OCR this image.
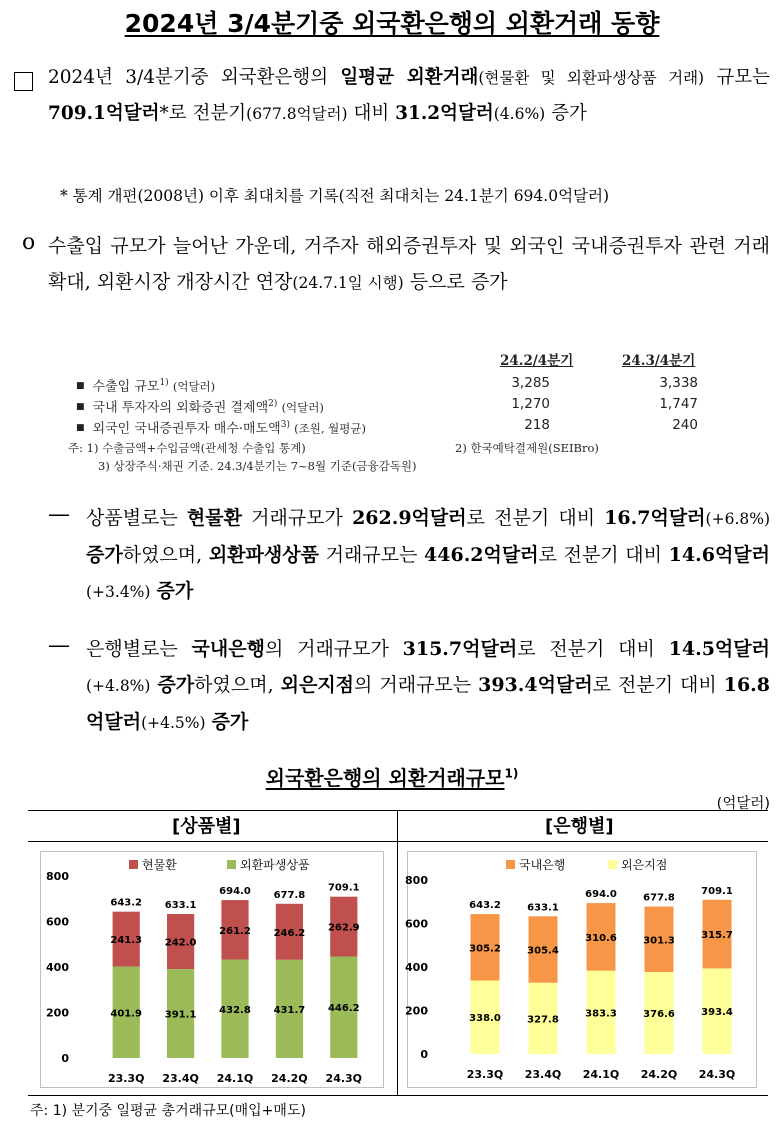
2024년 3/4분기중 외국환은행의 외환거래 동향
2024년 3/4분기중 외국환은행의 일평균 외환거래(현물환 및 외환파생상품 거래) 규모는 709.1억달러*로 전분기(677.8억달러) 대비 31.2억달러(4.6%) 증가
* 통계 개편(2008년) 이후 최대치를 기록(직전 최대치는 24.1분기 694.0억달러)
o 수출입 규모가 늘어난 가운데, 거주자 해외증권투자 및 외국인 국내증권투자 관련 거래 확대, 외환시장 개장시간 연장(24.7.1일 시행) 등으로 증가
24.2/4분기	24.3/4분기
■ 수출입 규모$^{1)}$ (억달러)	3,285	3,338
■ 국내 투자자의 외화증권 결제액$^{2)}$ (억달러)	1,270	1,747
■ 외국인 국내증권투자 매수·매도액$^{3)}$ (조원, 월평균)	218	240
주: 1) 수출금액+수입금액(관세청 수출입 통계)	2) 한국예탁결제원(SEIBro)
3) 상장주식·채권 기준. 24.3/4분기는 7~8월 기준(금융감독원)
— 상품별로는 현물환 거래규모가 262.9억달러로 전분기 대비 16.7억달러(+6.8%) 증가하였으며, 외환파생상품 거래규모는 446.2억달러로 전분기 대비 14.6억달러(+3.4%) 증가
— 은행별로는 국내은행의 거래규모가 315.7억달러로 전분기 대비 14.5억달러(+4.8%) 증가하였으며, 외은지점의 거래규모는 393.4억달러로 전분기 대비 16.8억달러(+4.5%) 증가
외국환은행의 외환거래규모$^{1)}$
(억달러)
[상품별]	[은행별]
0
200
400
600
800
현물환	외환파생상품
401.9
241.3
643.2
23.3Q
391.1
242.0
633.1
23.4Q
432.8
261.2
694.0
24.1Q
431.7
246.2
677.8
24.2Q
446.2
262.9
709.1
24.3Q
0
200
400
600
800
국내은행	외은지점
338.0
305.2
643.2
23.3Q
327.8
305.4
633.1
23.4Q
383.3
310.6
694.0
24.1Q
376.6
301.3
677.8
24.2Q
393.4
315.7
709.1
24.3Q
주: 1) 분기중 일평균 총거래규모(매입+매도)
